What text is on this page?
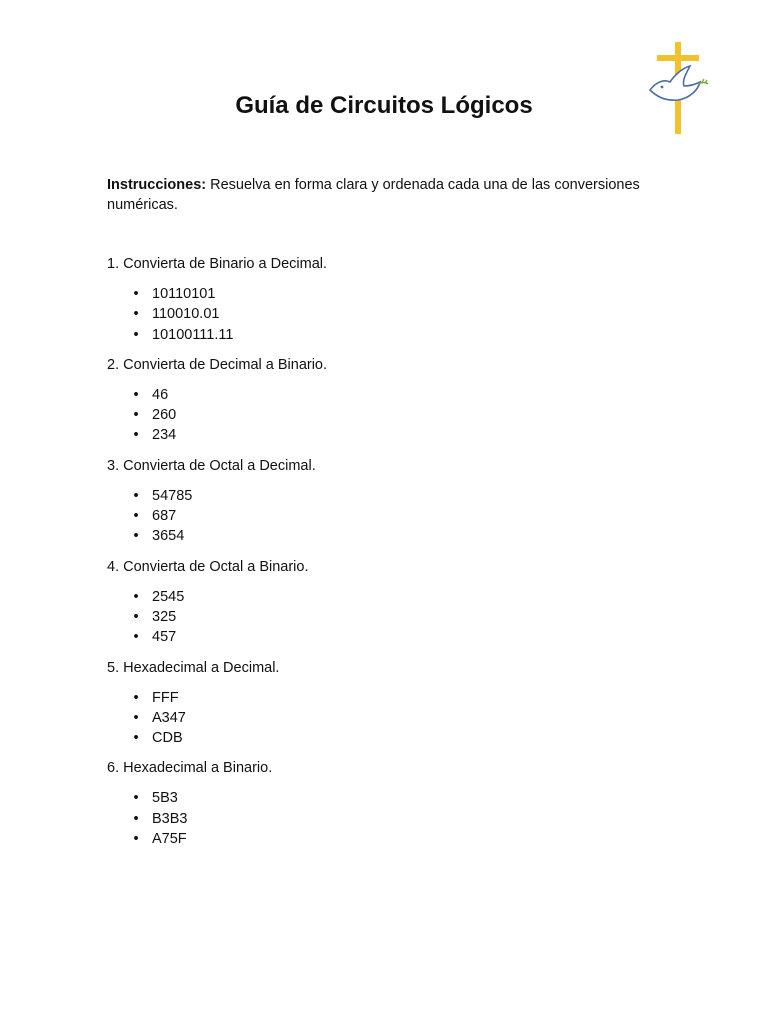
Guía de Circuitos Lógicos

Instrucciones: Resuelva en forma clara y ordenada cada una de las conversiones numéricas.

1. Convierta de Binario a Decimal.

• 10110101
• 110010.01
• 10100111.11

2. Convierta de Decimal a Binario.

• 46
• 260
• 234

3. Convierta de Octal a Decimal.

• 54785
• 687
• 3654

4. Convierta de Octal a Binario.

• 2545
• 325
• 457

5. Hexadecimal a Decimal.

• FFF
• A347
• CDB

6. Hexadecimal a Binario.

• 5B3
• B3B3
• A75F
